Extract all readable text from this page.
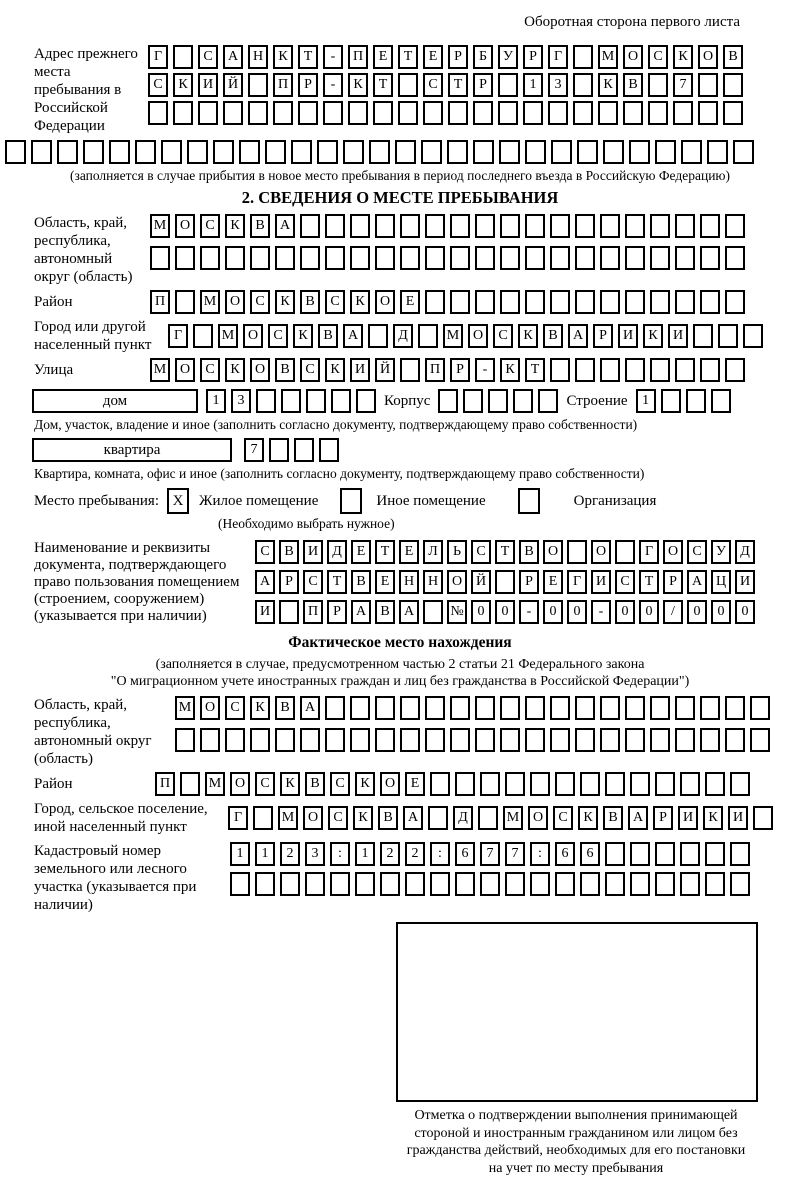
Оборотная сторона первого листа
Адрес прежнего места пребывания в Российской Федерации
Г	С	А	Н	К	Т	-	П	Е	Т	Е	Р	Б	У	Р	Г	М О	С	К	О	В
С	К	И	Й	П	Р	-	К	Т	С	Т	Р	1	3	К	В	7
(заполняется в случае прибытия в новое место пребывания в период последнего въезда в Российскую Федерацию)
2. СВЕДЕНИЯ О МЕСТЕ ПРЕБЫВАНИЯ
Область, край, республика, автономный округ (область)
М О	С	К	В	А
Район	П	М О	С	К	В	С	К	О	Е
Город или другой населенный пункт
Г	М О	С	К	В	А	Д	М О	С	К	В	А	Р	И	К	И
Улица	М О	С	К	О	В	С	К	И	Й	П	Р	-	К	Т
дом	1	3	Корпус	Строение	1
Дом, участок, владение и иное (заполнить согласно документу, подтверждающему право собственности)
квартира	7
Квартира, комната, офис и иное (заполнить согласно документу, подтверждающему право собственности)
Место пребывания: X	Жилое помещение	Иное помещение	Организация
(Необходимо выбрать нужное)
Наименование и реквизиты документа, подтверждающего право пользования помещением (строением, сооружением) (указывается при наличии)
С	В	И	Д	Е	Т	Е	Л	Ь	С	Т	В	О	О	Г	О	С	У	Д
А	Р	С	Т	В	Е	Н Н О Й	Р	Е	Г	И	С	Т	Р	А Ц И
И	П	Р	А	В	А	№ 0	0	-	0	0	-	0	0	/	0	0	0
Фактическое место нахождения
(заполняется в случае, предусмотренном частью 2 статьи 21 Федерального закона
"О миграционном учете иностранных граждан и лиц без гражданства в Российской Федерации")
Область, край, республика, автономный округ (область)
М О	С	К	В	А
Район	П	М О	С	К	В	С	К	О	Е
Город, сельское поселение, иной населенный пункт
Г	М О	С	К	В	А	Д	М О	С	К	В	А	Р	И	К	И
Кадастровый номер земельного или лесного участка (указывается при наличии)
1	1	2	3	:	1	2	2	:	6	7	7	:	6	6
Отметка о подтверждении выполнения принимающей
стороной и иностранным гражданином или лицом без
гражданства действий, необходимых для его постановки
на учет по месту пребывания
